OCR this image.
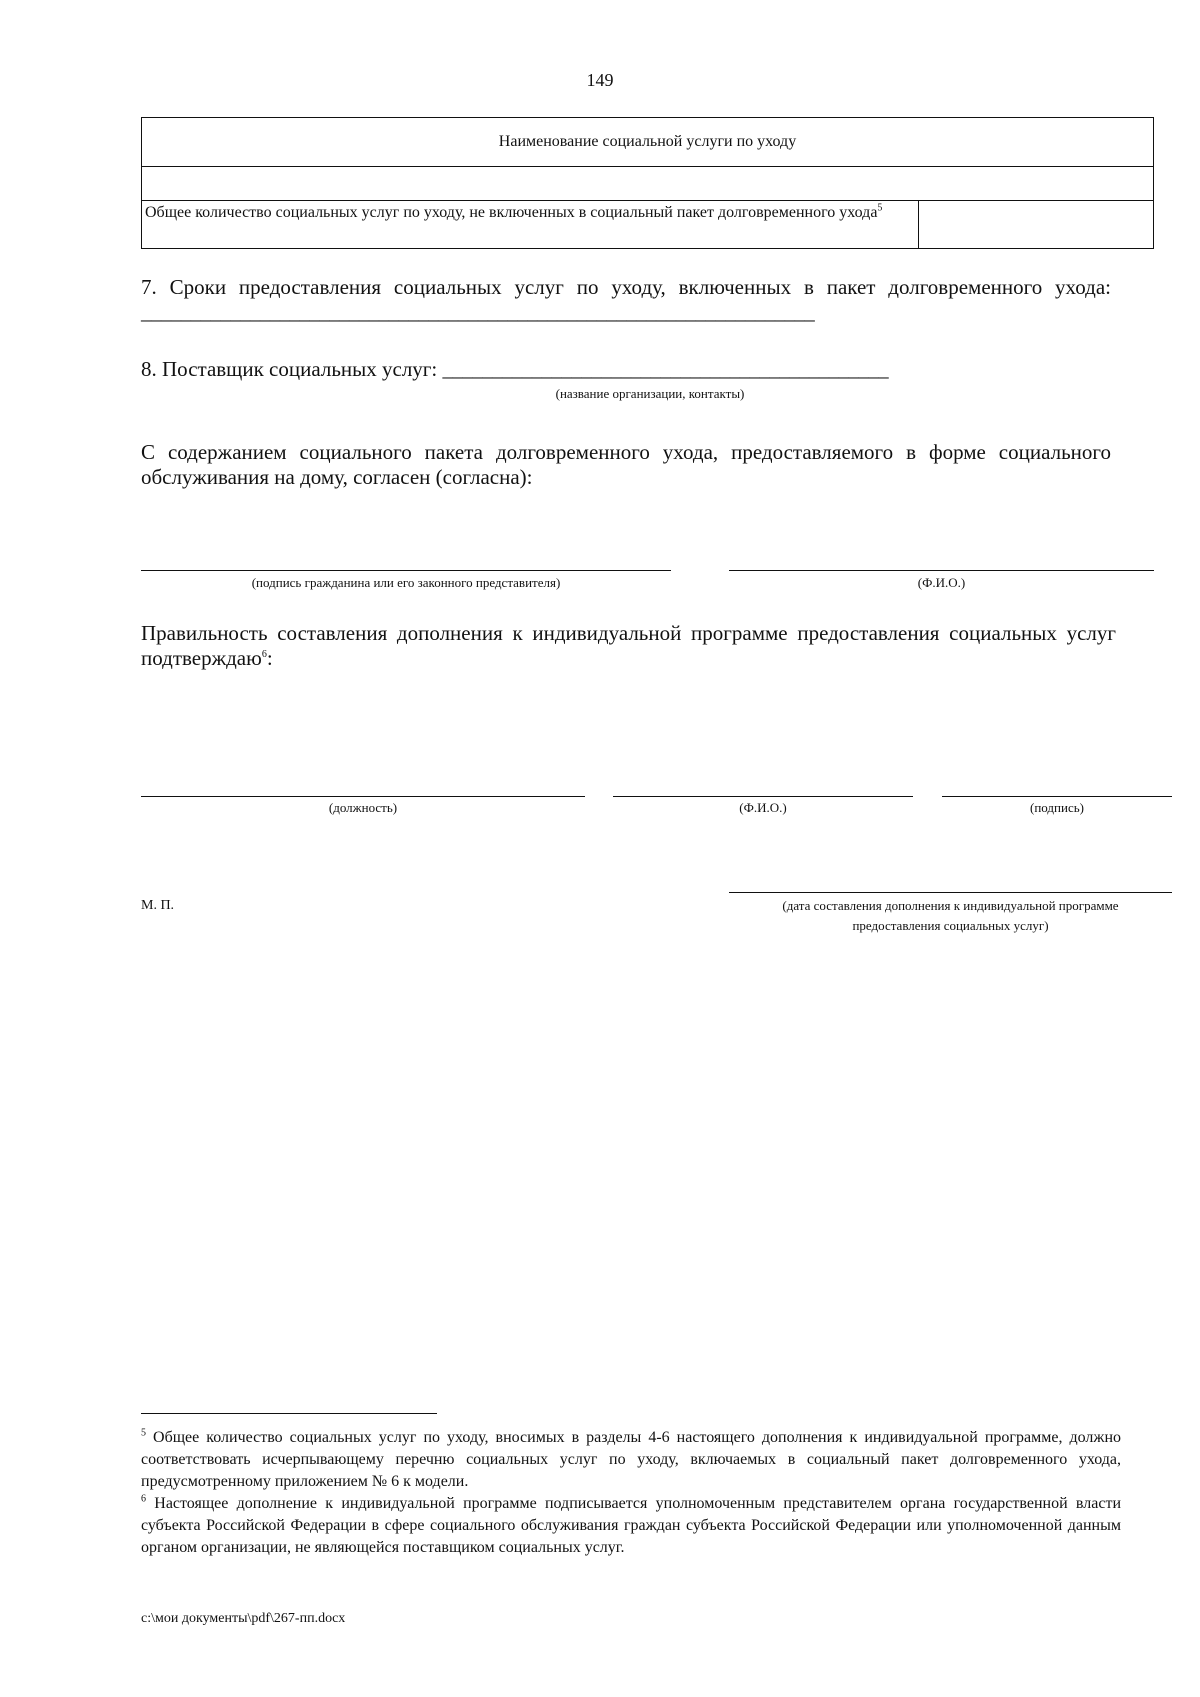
149
Наименование социальной услуги по уходу

Общее количество социальных услуг по уходу, не включенных в социальный пакет долговременного ухода$^5$	
7. Сроки предоставления социальных услуг по уходу, включенных в пакет долговременного ухода: ____________________________________________________________________
8. Поставщик социальных услуг: _____________________________________________
(название организации, контакты)
С содержанием социального пакета долговременного ухода, предоставляемого в форме социального обслуживания на дому, согласен (согласна):
(подпись гражданина или его законного представителя)	(Ф.И.О.)
Правильность составления дополнения к индивидуальной программе предоставления социальных услуг подтверждаю$^6$:
(должность)	(Ф.И.О.)	(подпись)
М. П.	(дата составления дополнения к индивидуальной программе
предоставления социальных услуг)
$^5$ Общее количество социальных услуг по уходу, вносимых в разделы 4-6 настоящего дополнения к индивидуальной программе, должно соответствовать исчерпывающему перечню социальных услуг по уходу, включаемых в социальный пакет долговременного ухода, предусмотренному приложением № 6 к модели.
$^6$ Настоящее дополнение к индивидуальной программе подписывается уполномоченным представителем органа государственной власти субъекта Российской Федерации в сфере социального обслуживания граждан субъекта Российской Федерации или уполномоченной данным органом организации, не являющейся поставщиком социальных услуг.
c:\мои документы\pdf\267-пп.docx
